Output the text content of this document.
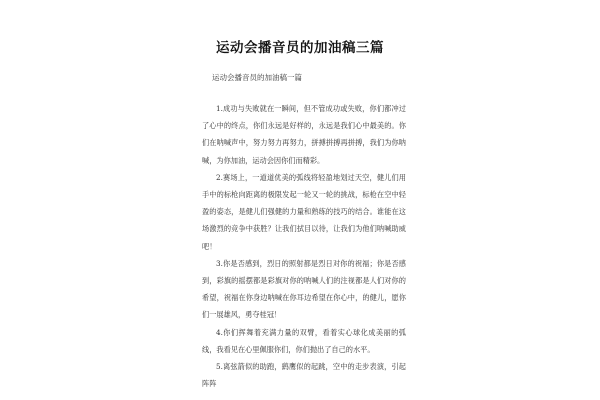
运动会播音员的加油稿三篇
运动会播音员的加油稿一篇

1.成功与失败就在一瞬间，但不管成功或失败，你们都冲过了心中的终点，你们永远是好样的，永远是我们心中最美的。你们在呐喊声中，努力努力再努力，拼搏拼搏再拼搏，我们为你呐喊，为你加油，运动会因你们而精彩。

2.赛场上，一道道优美的弧线将轻盈地划过天空，健儿们用手中的标枪向距离的极限发起一轮又一轮的挑战，标枪在空中轻盈的姿态，是健儿们强健的力量和熟练的技巧的结合。谁能在这场激烈的竞争中获胜？让我们拭目以待，让我们为他们呐喊助威吧！

3.你是否感到，烈日的照射都是烈日对你的祝福；你是否感到，彩旗的摇摆都是彩旗对你的呐喊人们的注视都是人们对你的希望，祝福在你身边呐喊在你耳边希望在你心中，的健儿，愿你们一展雄风，勇夺桂冠！

4.你们挥舞着充满力量的双臂，看着实心球化成美丽的弧线，我看见在心里佩服你们，你们抛出了自己的水平。

5.离弦箭似的助跑，鹞鹰似的起跳，空中的走步表演，引起阵阵
